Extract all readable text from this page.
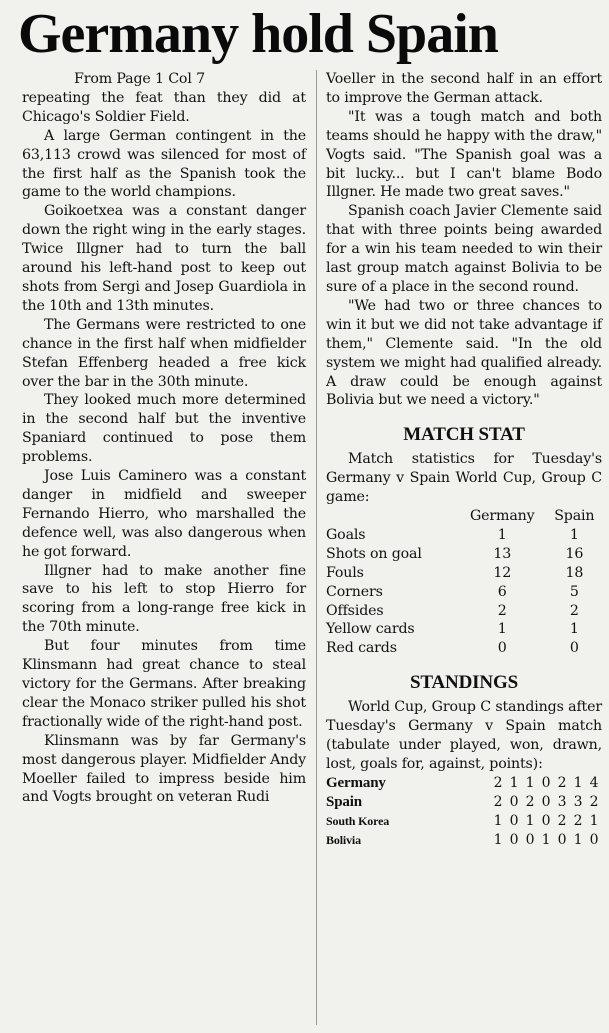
Germany hold Spain

From Page 1 Col 7

repeating the feat than they did at Chicago's Soldier Field.

A large German contingent in the 63,113 crowd was silenced for most of the first half as the Spanish took the game to the world champions.

Goikoetxea was a constant danger down the right wing in the early stages. Twice Illgner had to turn the ball around his left-hand post to keep out shots from Sergi and Josep Guardiola in the 10th and 13th minutes.

The Germans were restricted to one chance in the first half when midfielder Stefan Effenberg headed a free kick over the bar in the 30th minute.

They looked much more determined in the second half but the inventive Spaniard continued to pose them problems.

Jose Luis Caminero was a constant danger in midfield and sweeper Fernando Hierro, who marshalled the defence well, was also dangerous when he got forward.

Illgner had to make another fine save to his left to stop Hierro for scoring from a long-range free kick in the 70th minute.

But four minutes from time Klinsmann had great chance to steal victory for the Germans. After breaking clear the Monaco striker pulled his shot fractionally wide of the right-hand post.

Klinsmann was by far Germany's most dangerous player. Midfielder Andy Moeller failed to impress beside him and Vogts brought on veteran Rudi

Voeller in the second half in an effort to improve the German attack.

"It was a tough match and both teams should he happy with the draw," Vogts said. "The Spanish goal was a bit lucky... but I can't blame Bodo Illgner. He made two great saves."

Spanish coach Javier Clemente said that with three points being awarded for a win his team needed to win their last group match against Bolivia to be sure of a place in the second round.

"We had two or three chances to win it but we did not take advantage if them," Clemente said. "In the old system we might had qualified already. A draw could be enough against Bolivia but we need a victory."

MATCH STAT

Match statistics for Tuesday's Germany v Spain World Cup, Group C game:

	Germany	Spain
Goals	1	1
Shots on goal	13	16
Fouls	12	18
Corners	6	5
Offsides	2	2
Yellow cards	1	1
Red cards	0	0
STANDINGS

World Cup, Group C standings after Tuesday's Germany v Spain match (tabulate under played, won, drawn, lost, goals for, against, points):

Germany	2	1	1	0	2	1	4
Spain	2	0	2	0	3	3	2
South Korea	1	0	1	0	2	2	1
Bolivia	1	0	0	1	0	1	0
